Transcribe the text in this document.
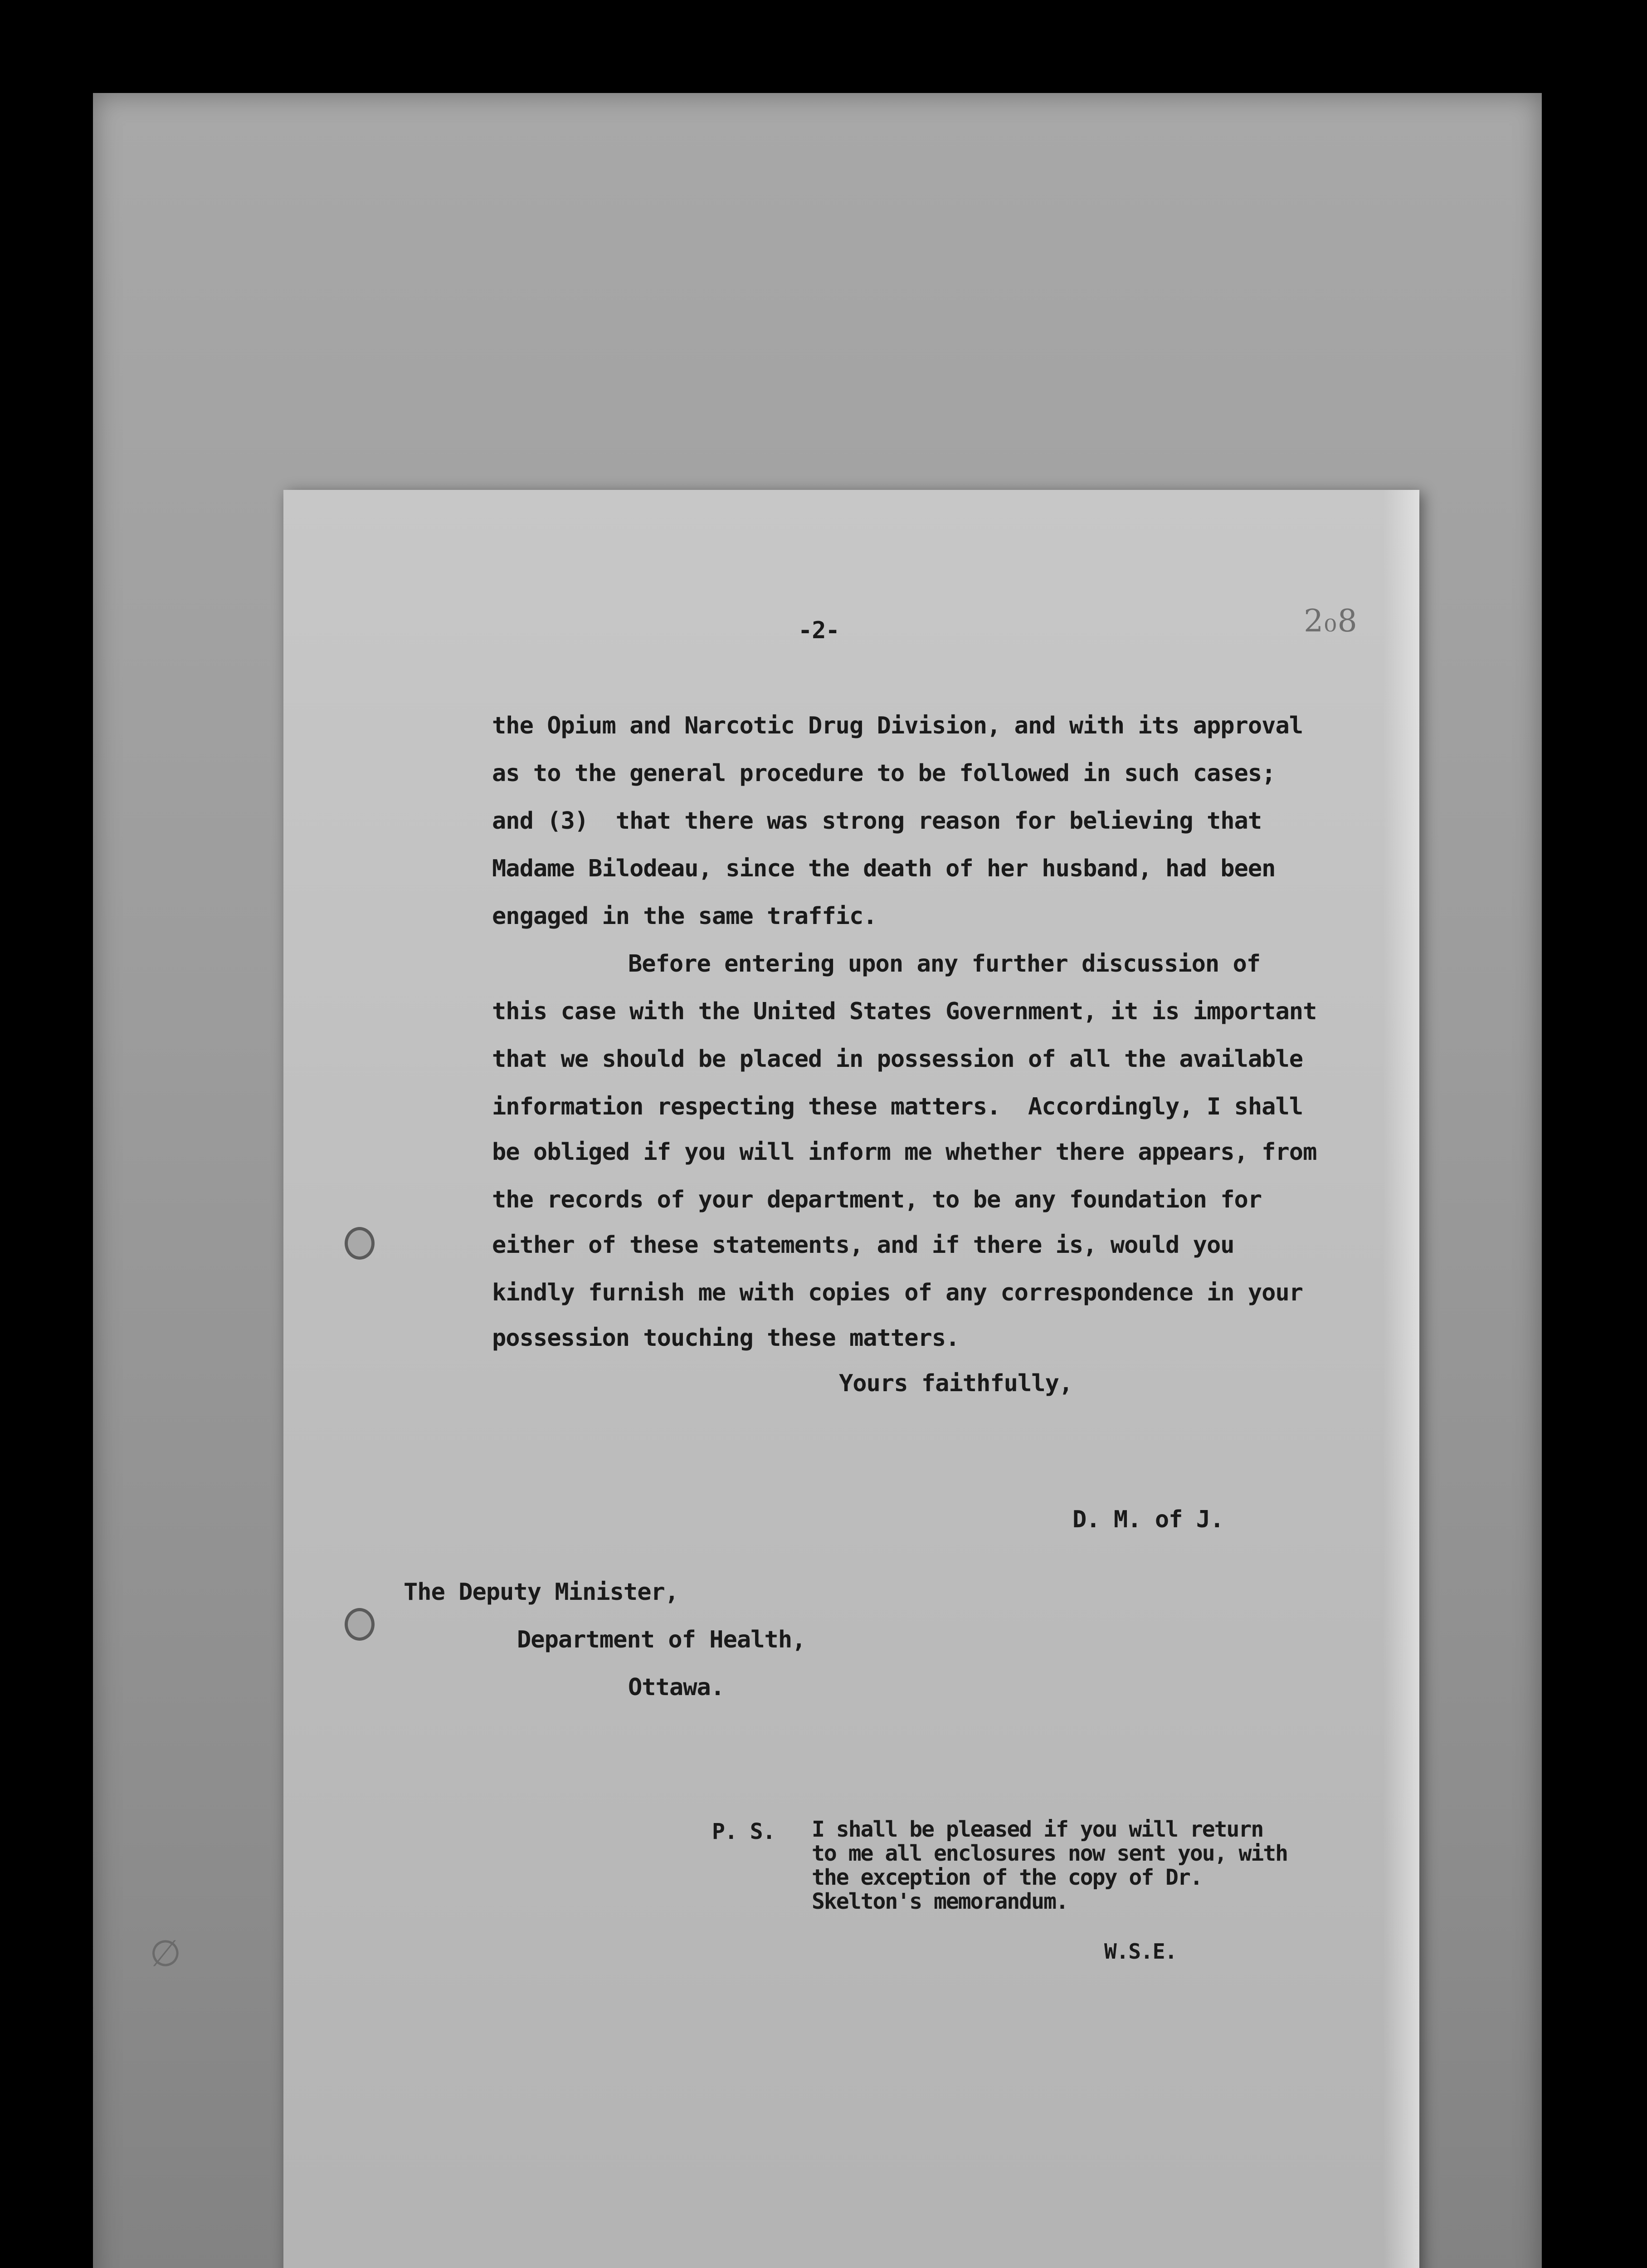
∅
-2-	2₀8
the Opium and Narcotic Drug Division, and with its approval
as to the general procedure to be followed in such cases;
and (3)  that there was strong reason for believing that
Madame Bilodeau, since the death of her husband, had been
engaged in the same traffic.
Before entering upon any further discussion of
this case with the United States Government, it is important
that we should be placed in possession of all the available
information respecting these matters.  Accordingly, I shall
be obliged if you will inform me whether there appears, from
the records of your department, to be any foundation for
either of these statements, and if there is, would you
kindly furnish me with copies of any correspondence in your
possession touching these matters.
Yours faithfully,
D. M. of J.
The Deputy Minister,
Department of Health,
Ottawa.
P. S. I shall be pleased if you will return
to me all enclosures now sent you, with
the exception of the copy of Dr.
Skelton's memorandum.
W.S.E.
